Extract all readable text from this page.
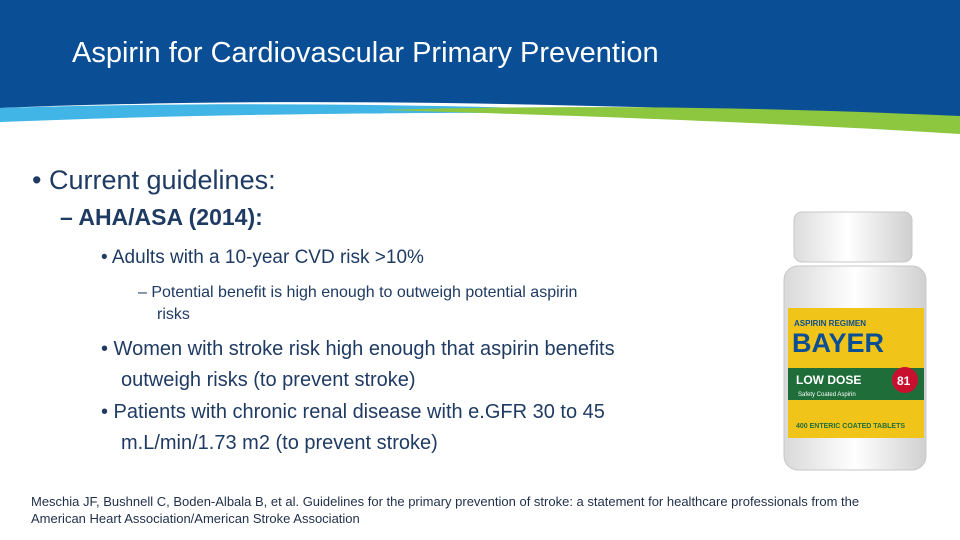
Aspirin for Cardiovascular Primary Prevention
• Current guidelines:
– AHA/ASA (2014):
• Adults with a 10-year CVD risk >10%
– Potential benefit is high enough to outweigh potential aspirin
risks
• Women with stroke risk high enough that aspirin benefits
outweigh risks (to prevent stroke)
• Patients with chronic renal disease with e.GFR 30 to 45
m.L/min/1.73 m2 (to prevent stroke)
ASPIRIN REGIMEN
BAYER
LOW DOSE
Safety Coated Aspirin
81
400 ENTERIC COATED TABLETS
Meschia JF, Bushnell C, Boden-Albala B, et al. Guidelines for the primary prevention of stroke: a statement for healthcare professionals from the
American Heart Association/American Stroke Association
